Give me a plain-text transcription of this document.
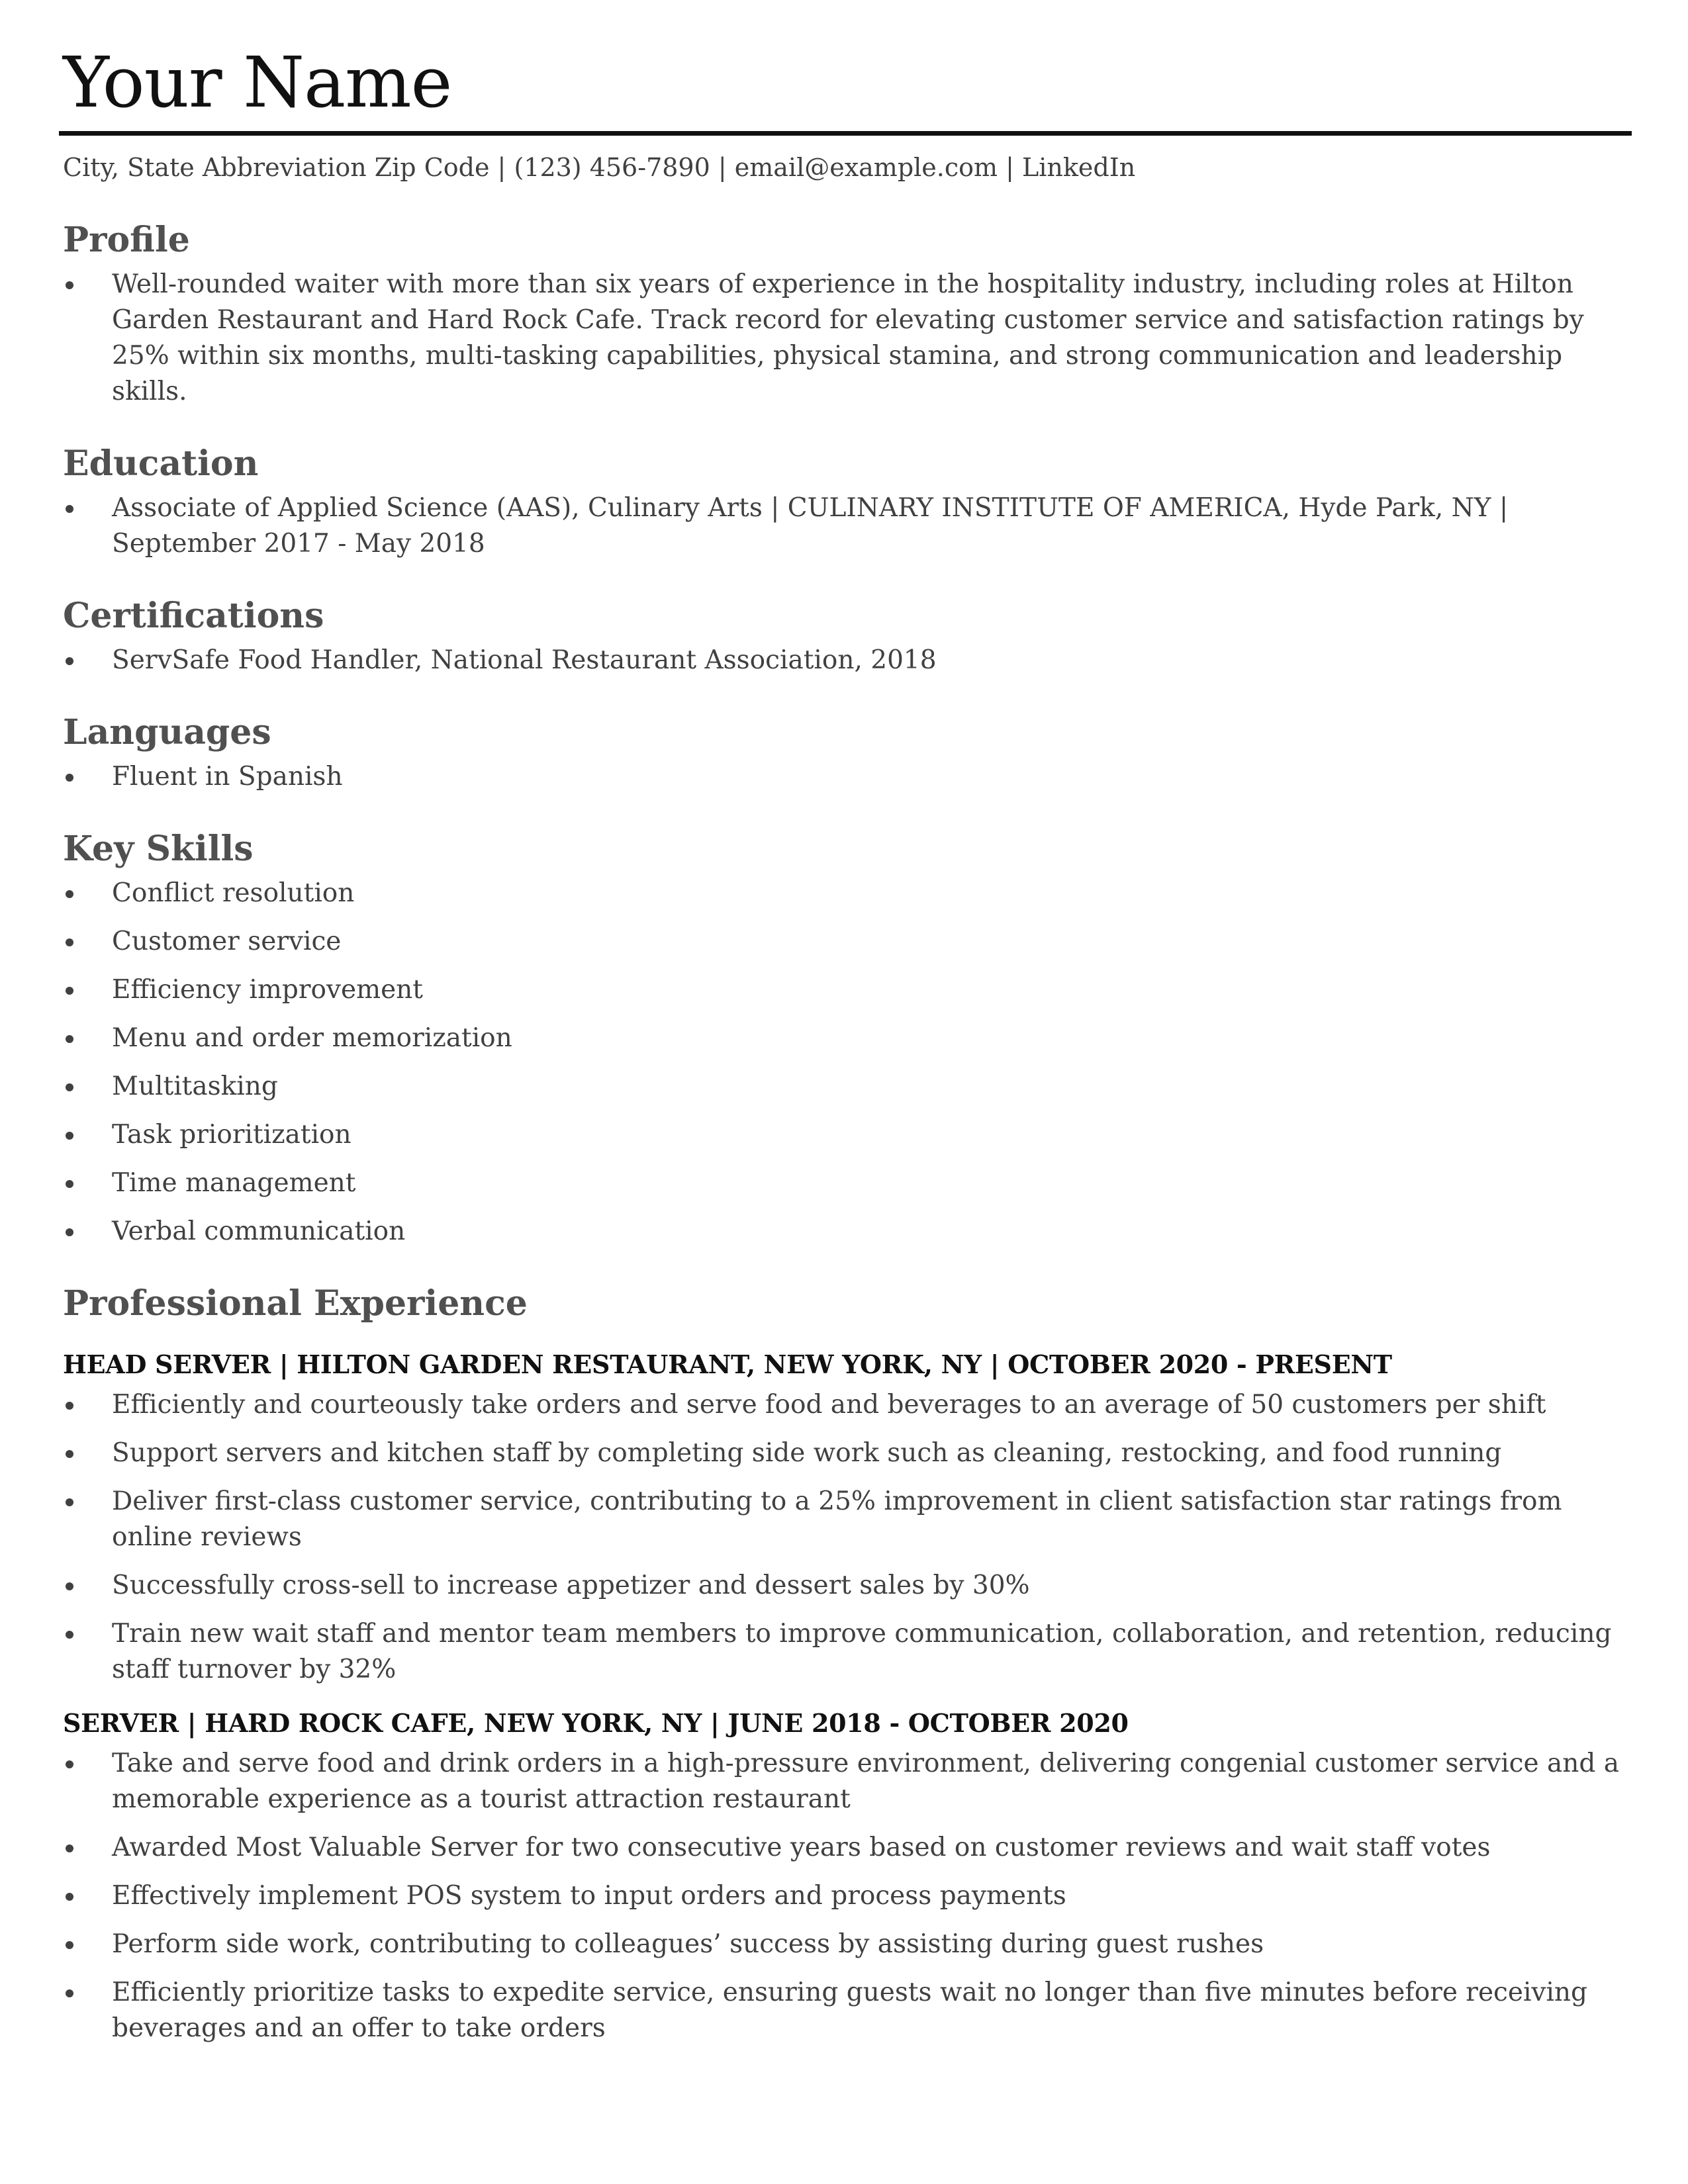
Your Name
City, State Abbreviation Zip Code | (123) 456-7890 | email@example.com | LinkedIn
Profile
Well-rounded waiter with more than six years of experience in the hospitality industry, including roles at Hilton Garden Restaurant and Hard Rock Cafe. Track record for elevating customer service and satisfaction ratings by 25% within six months, multi-tasking capabilities, physical stamina, and strong communication and leadership skills.
Education
Associate of Applied Science (AAS), Culinary Arts | CULINARY INSTITUTE OF AMERICA, Hyde Park, NY | September 2017 - May 2018
Certifications
ServSafe Food Handler, National Restaurant Association, 2018
Languages
Fluent in Spanish
Key Skills
Conflict resolution
Customer service
Efficiency improvement
Menu and order memorization
Multitasking
Task prioritization
Time management
Verbal communication
Professional Experience
HEAD SERVER | HILTON GARDEN RESTAURANT, NEW YORK, NY | OCTOBER 2020 - PRESENT
Efficiently and courteously take orders and serve food and beverages to an average of 50 customers per shift
Support servers and kitchen staff by completing side work such as cleaning, restocking, and food running
Deliver first-class customer service, contributing to a 25% improvement in client satisfaction star ratings from online reviews
Successfully cross-sell to increase appetizer and dessert sales by 30%
Train new wait staff and mentor team members to improve communication, collaboration, and retention, reducing staff turnover by 32%
SERVER | HARD ROCK CAFE, NEW YORK, NY | JUNE 2018 - OCTOBER 2020
Take and serve food and drink orders in a high-pressure environment, delivering congenial customer service and a memorable experience as a tourist attraction restaurant
Awarded Most Valuable Server for two consecutive years based on customer reviews and wait staff votes
Effectively implement POS system to input orders and process payments
Perform side work, contributing to colleagues’ success by assisting during guest rushes
Efficiently prioritize tasks to expedite service, ensuring guests wait no longer than five minutes before receiving beverages and an offer to take orders
